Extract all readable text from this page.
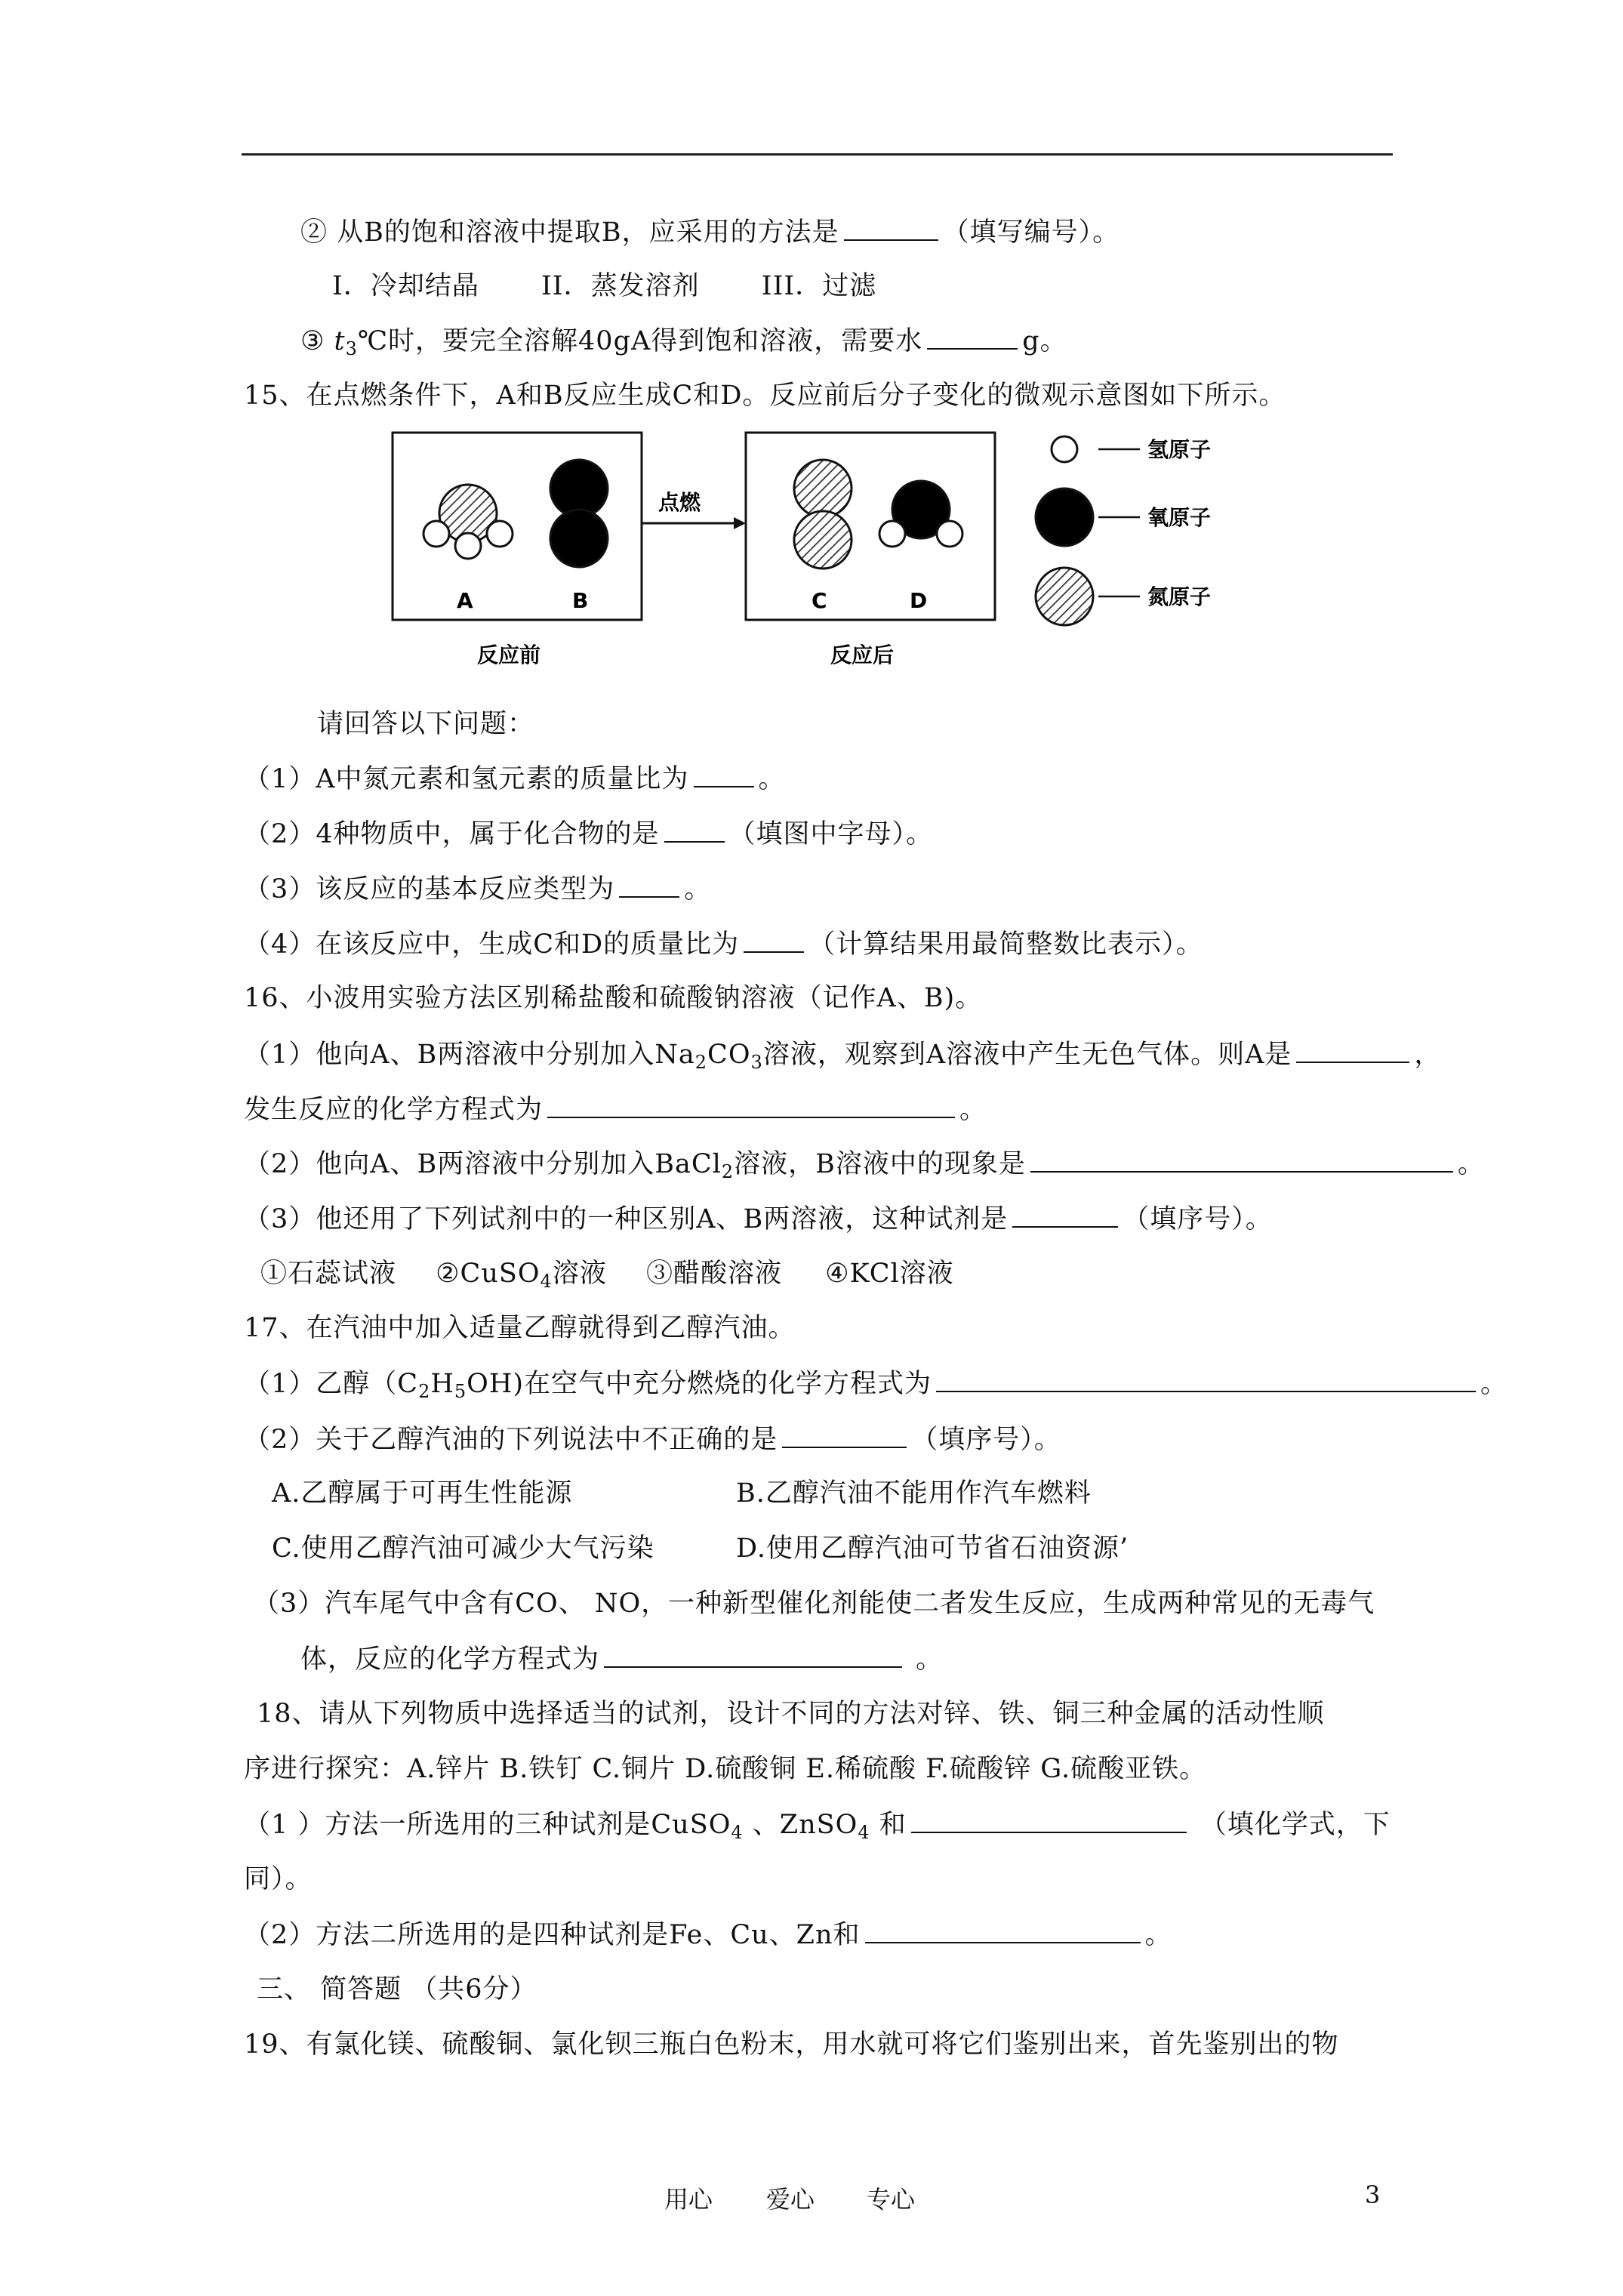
② 从B的饱和溶液中提取B，应采用的方法是	（填写编号）。
I．冷却结晶 II．蒸发溶剂 III．过滤
③ $t_3℃$时，要完全溶解40gA得到饱和溶液，需要水	g。
15、在点燃条件下，A和B反应生成C和D。反应前后分子变化的微观示意图如下所示。
A	B
点燃
C	D
反应前	反应后
氢原子
氧原子
氮原子
请回答以下问题：
（1）A中氮元素和氢元素的质量比为	。
（2）4种物质中，属于化合物的是	（填图中字母）。
（3）该反应的基本反应类型为	。
（4）在该反应中，生成C和D的质量比为	（计算结果用最简整数比表示）。
16、小波用实验方法区别稀盐酸和硫酸钠溶液（记作A、B)。
（1）他向A、B两溶液中分别加入$Na_2CO_3$溶液，观察到A溶液中产生无色气体。则A是	，
发生反应的化学方程式为	。
（2）他向A、B两溶液中分别加入BaCl$_2$溶液，B溶液中的现象是	。
（3）他还用了下列试剂中的一种区别A、B两溶液，这种试剂是	（填序号）。
①石蕊试液 ②CuSO$_4$溶液 ③醋酸溶液 ④KCl溶液
17、在汽油中加入适量乙醇就得到乙醇汽油。
（1）乙醇$(C_2H_5OH)$在空气中充分燃烧的化学方程式为	。
（2）关于乙醇汽油的下列说法中不正确的是	（填序号）。
A.乙醇属于可再生性能源	B.乙醇汽油不能用作汽车燃料
C.使用乙醇汽油可减少大气污染	D.使用乙醇汽油可节省石油资源’
（3）汽车尾气中含有CO、 NO，一种新型催化剂能使二者发生反应，生成两种常见的无毒气
体，反应的化学方程式为	。
18、请从下列物质中选择适当的试剂，设计不同的方法对锌、铁、铜三种金属的活动性顺
序进行探究：A.锌片 B.铁钉 C.铜片 D.硫酸铜 E.稀硫酸 F.硫酸锌 G.硫酸亚铁。
（1 ）方法一所选用的三种试剂是CuSO$_4$ 、ZnSO$_4$ 和	（填化学式，下
同）。
（2）方法二所选用的是四种试剂是Fe、Cu、Zn和	。
三、 简答题 （共6分）
19、有氯化镁、硫酸铜、氯化钡三瓶白色粉末，用水就可将它们鉴别出来，首先鉴别出的物
用心 爱心 专心	3
